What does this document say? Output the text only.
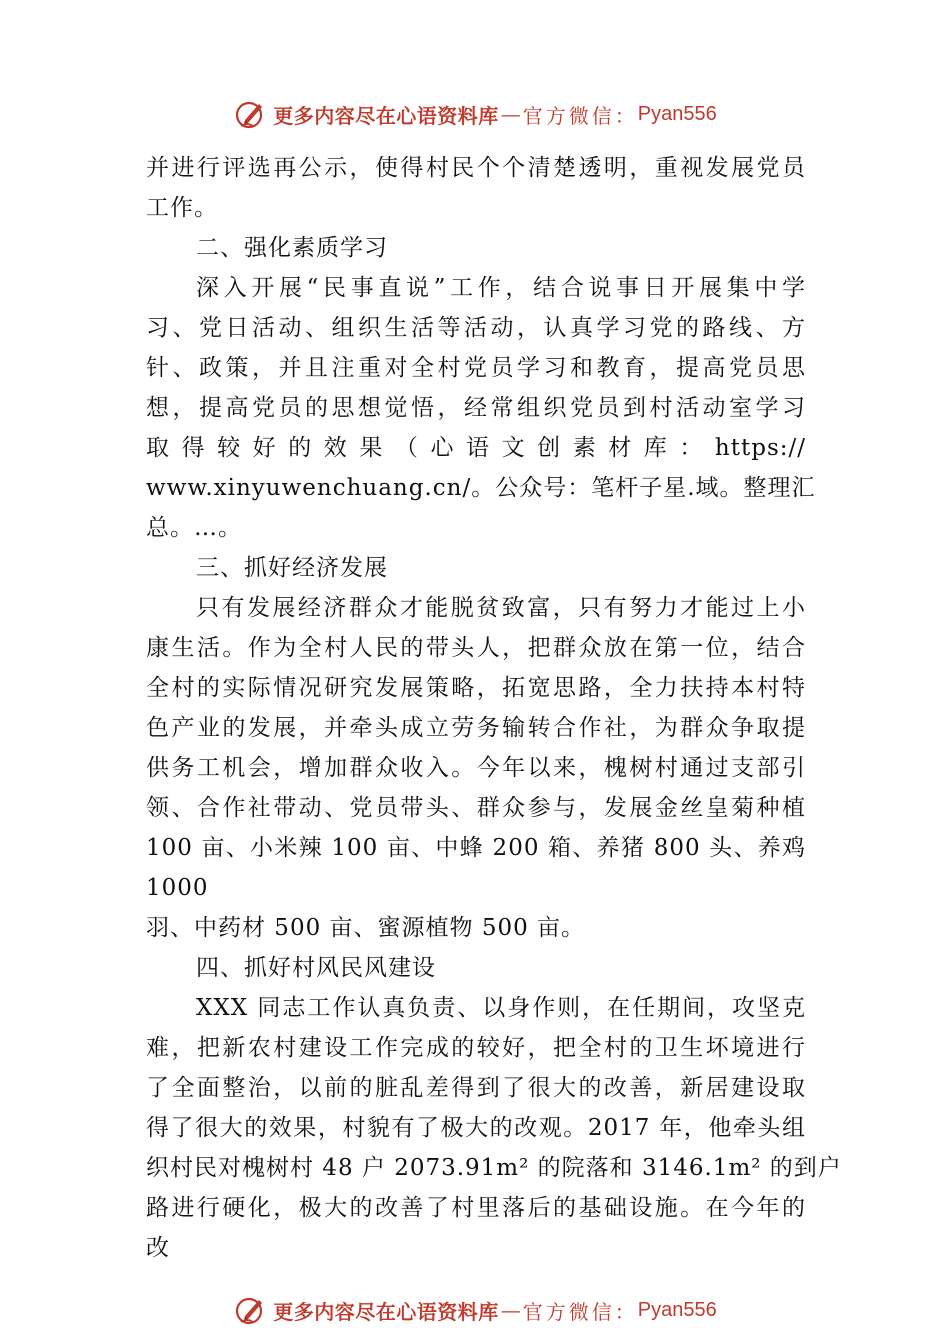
更多内容尽在心语资料库 — 官方微信： Pyan556
并进行评选再公示，使得村民个个清楚透明，重视发展党员
工作。
二、强化素质学习
深入开展“民事直说”工作，结合说事日开展集中学
习、党日活动、组织生活等活动，认真学习党的路线、方
针、政策，并且注重对全村党员学习和教育，提高党员思
想，提高党员的思想觉悟，经常组织党员到村活动室学习
取得较好的效果（心语文创素材库：https://
www.xinyuwenchuang.cn/。公众号：笔杆子星.域。整理汇
总。…。
三、抓好经济发展
只有发展经济群众才能脱贫致富，只有努力才能过上小
康生活。作为全村人民的带头人，把群众放在第一位，结合
全村的实际情况研究发展策略，拓宽思路，全力扶持本村特
色产业的发展，并牵头成立劳务输转合作社，为群众争取提
供务工机会，增加群众收入。今年以来，槐树村通过支部引
领、合作社带动、党员带头、群众参与，发展金丝皇菊种植
100 亩、小米辣 100 亩、中蜂 200 箱、养猪 800 头、养鸡
1000
羽、中药材 500 亩、蜜源植物 500 亩。
四、抓好村风民风建设
XXX 同志工作认真负责、以身作则，在任期间，攻坚克
难，把新农村建设工作完成的较好，把全村的卫生坏境进行
了全面整治，以前的脏乱差得到了很大的改善，新居建设取
得了很大的效果，村貌有了极大的改观。2017 年，他牵头组
织村民对槐树村 48 户 2073.91m² 的院落和 3146.1m² 的到户
路进行硬化，极大的改善了村里落后的基础设施。在今年的
改
更多内容尽在心语资料库 — 官方微信： Pyan556
